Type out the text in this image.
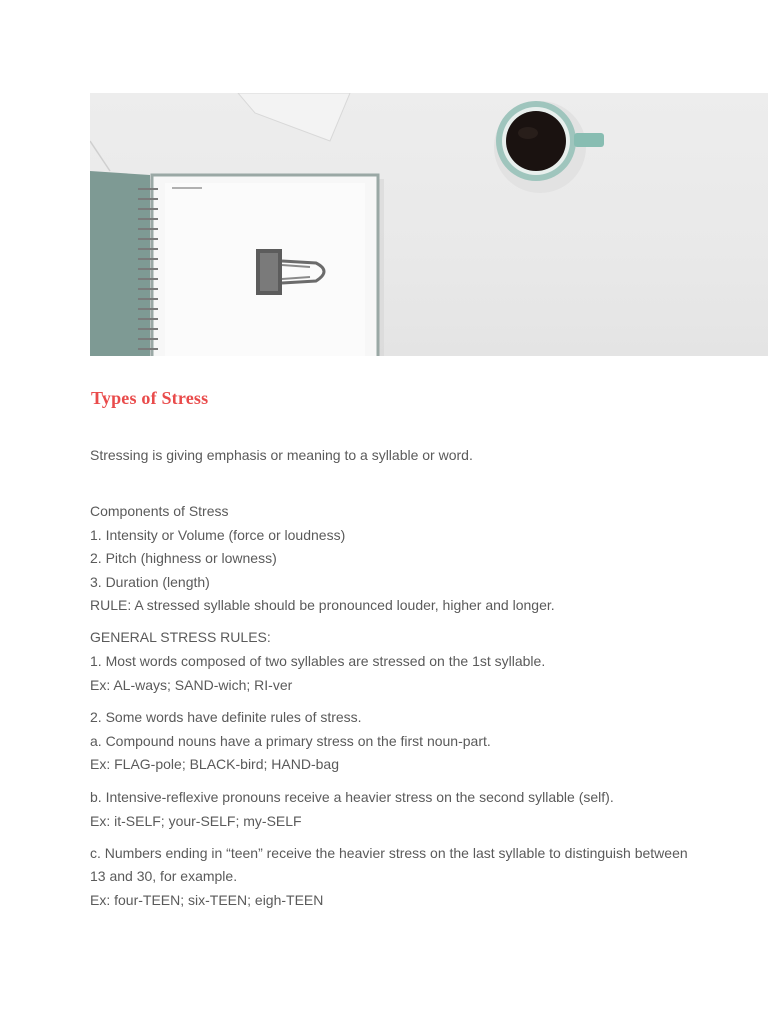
Types of Stress

Stressing is giving emphasis or meaning to a syllable or word.

Components of Stress

1. Intensity or Volume (force or loudness)

2. Pitch (highness or lowness)

3. Duration (length)

RULE: A stressed syllable should be pronounced louder, higher and longer.

GENERAL STRESS RULES:

1. Most words composed of two syllables are stressed on the 1st syllable.

Ex: AL-ways; SAND-wich; RI-ver

2. Some words have definite rules of stress.

a. Compound nouns have a primary stress on the first noun-part.

Ex: FLAG-pole; BLACK-bird; HAND-bag

b. Intensive-reflexive pronouns receive a heavier stress on the second syllable (self).

Ex: it-SELF; your-SELF; my-SELF

c. Numbers ending in “teen” receive the heavier stress on the last syllable to distinguish between 13 and 30, for example.

Ex: four-TEEN; six-TEEN; eigh-TEEN
